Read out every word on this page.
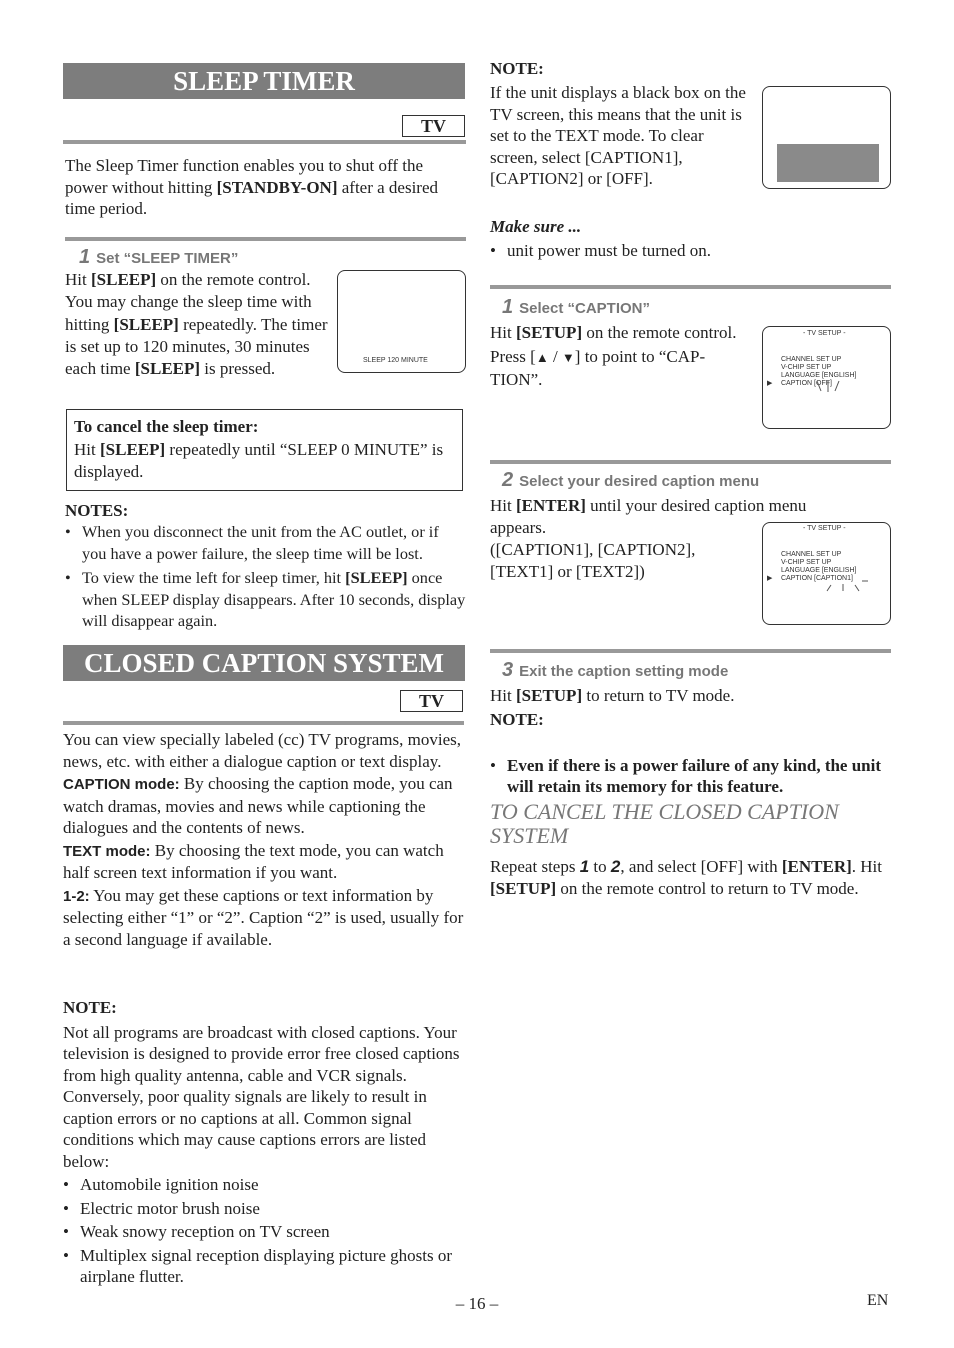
SLEEP TIMER
TV

The Sleep Timer function enables you to shut off the power without hitting [STANDBY-ON] after a desired time period.

1 Set “SLEEP TIMER”

Hit [SLEEP] on the remote control. You may change the sleep time with hitting [SLEEP] repeatedly. The timer is set up to 120 minutes, 30 minutes each time [SLEEP] is pressed.	SLEEP 120 MINUTE

To cancel the sleep timer:

Hit [SLEEP] repeatedly until “SLEEP 0 MINUTE” is displayed.

NOTES:

• When you disconnect the unit from the AC outlet, or if you have a power failure, the sleep time will be lost.

• To view the time left for sleep timer, hit [SLEEP] once when SLEEP display disappears. After 10 seconds, display will disappear again.

CLOSED CAPTION SYSTEM
TV

You can view specially labeled (cc) TV programs, movies, news, etc. with either a dialogue caption or text display.

CAPTION mode: By choosing the caption mode, you can watch dramas, movies and news while captioning the dialogues and the contents of news.

TEXT mode: By choosing the text mode, you can watch half screen text information if you want.

1-2: You may get these captions or text information by selecting either “1” or “2”. Caption “2” is used, usually for a second language if available.

NOTE:

Not all programs are broadcast with closed captions. Your television is designed to provide error free closed captions from high quality antenna, cable and VCR signals. Conversely, poor quality signals are likely to result in caption errors or no captions at all. Common signal conditions which may cause captions errors are listed below:

• Automobile ignition noise

• Electric motor brush noise

• Weak snowy reception on TV screen

• Multiplex signal reception displaying picture ghosts or airplane flutter.

NOTE:

If the unit displays a black box on the TV screen, this means that the unit is set to the TEXT mode. To clear screen, select [CAPTION1], [CAPTION2] or [OFF].

Make sure ...

• unit power must be turned on.

1 Select “CAPTION”

Hit [SETUP] on the remote control.

Press [▲ / ▼] to point to “CAP-TION”.

- TV SETUP -
CHANNEL SET UP
V-CHIP SET UP
LANGUAGE [ENGLISH]
▶ CAPTION [OFF]
2 Select your desired caption menu

Hit [ENTER] until your desired caption menu appears.

([CAPTION1], [CAPTION2], [TEXT1] or [TEXT2])

- TV SETUP -
CHANNEL SET UP
V-CHIP SET UP
LANGUAGE [ENGLISH]
▶ CAPTION [CAPTION1]
3 Exit the caption setting mode

Hit [SETUP] to return to TV mode.

NOTE:

• Even if there is a power failure of any kind, the unit will retain its memory for this feature.

TO CANCEL THE CLOSED CAPTION SYSTEM

Repeat steps 1 to 2, and select [OFF] with [ENTER]. Hit [SETUP] on the remote control to return to TV mode.

– 16 –	EN
